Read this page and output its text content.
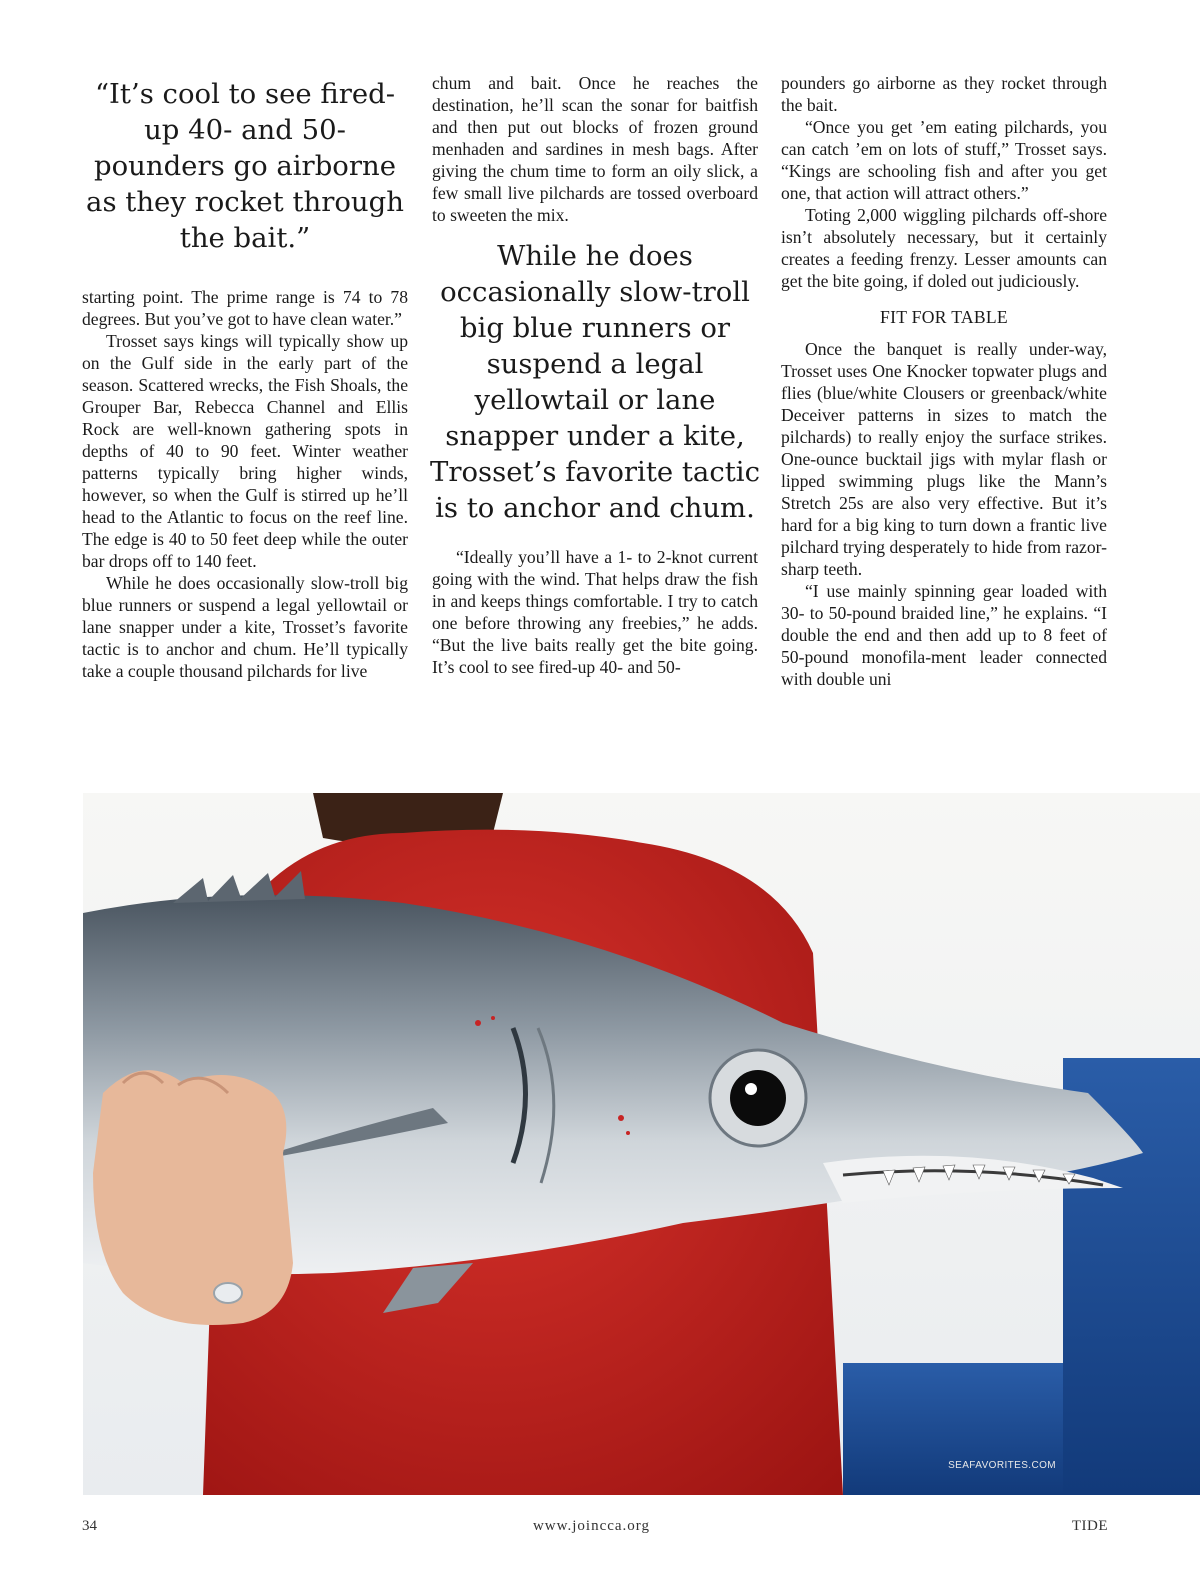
“It’s cool to see fired-up 40- and 50-pounders go airborne as they rocket through the bait.”

starting point. The prime range is 74 to 78 degrees. But you’ve got to have clean water.”

Trosset says kings will typically show up on the Gulf side in the early part of the season. Scattered wrecks, the Fish Shoals, the Grouper Bar, Rebecca Channel and Ellis Rock are well-known gathering spots in depths of 40 to 90 feet. Winter weather patterns typically bring higher winds, however, so when the Gulf is stirred up he’ll head to the Atlantic to focus on the reef line. The edge is 40 to 50 feet deep while the outer bar drops off to 140 feet.

While he does occasionally slow-troll big blue runners or suspend a legal yellowtail or lane snapper under a kite, Trosset’s favorite tactic is to anchor and chum. He’ll typically take a couple thousand pilchards for live

chum and bait. Once he reaches the destination, he’ll scan the sonar for baitfish and then put out blocks of frozen ground menhaden and sardines in mesh bags. After giving the chum time to form an oily slick, a few small live pilchards are tossed overboard to sweeten the mix.

While he does occasionally slow-troll big blue runners or suspend a legal yellowtail or lane snapper under a kite, Trosset’s favorite tactic is to anchor and chum.

“Ideally you’ll have a 1- to 2-knot current going with the wind. That helps draw the fish in and keeps things comfortable. I try to catch one before throwing any freebies,” he adds. “But the live baits really get the bite going. It’s cool to see fired-up 40- and 50-

pounders go airborne as they rocket through the bait.

“Once you get ’em eating pilchards, you can catch ’em on lots of stuff,” Trosset says. “Kings are schooling fish and after you get one, that action will attract others.”

Toting 2,000 wiggling pilchards off-shore isn’t absolutely necessary, but it certainly creates a feeding frenzy. Lesser amounts can get the bite going, if doled out judiciously.

FIT FOR TABLE

Once the banquet is really under-way, Trosset uses One Knocker topwater plugs and flies (blue/white Clousers or greenback/white Deceiver patterns in sizes to match the pilchards) to really enjoy the surface strikes. One-ounce bucktail jigs with mylar flash or lipped swimming plugs like the Mann’s Stretch 25s are also very effective. But it’s hard for a big king to turn down a frantic live pilchard trying desperately to hide from razor-sharp teeth.

“I use mainly spinning gear loaded with 30- to 50-pound braided line,” he explains. “I double the end and then add up to 8 feet of 50-pound monofila-ment leader connected with double uni

SEAFAVORITES.COM
34	www.joincca.org	TIDE
